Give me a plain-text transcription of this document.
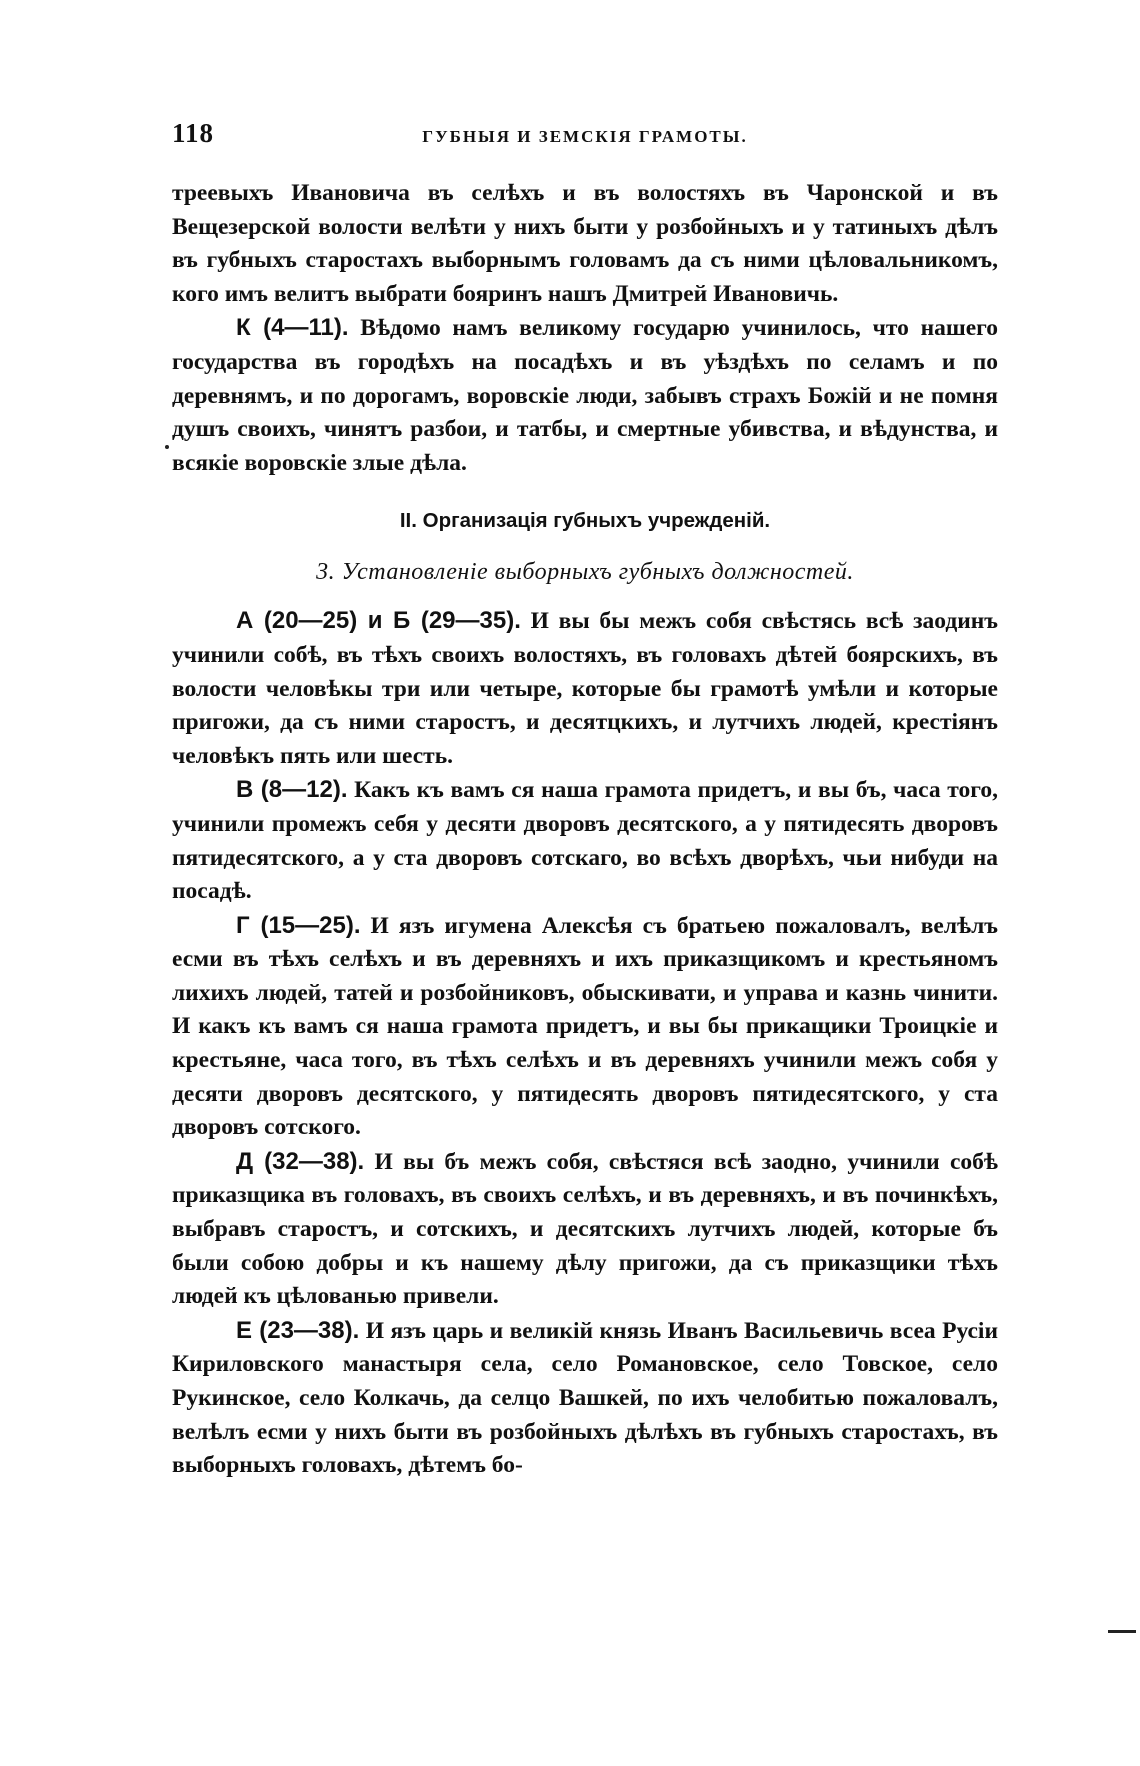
118	ГУБНЫЯ И ЗЕМСКІЯ ГРАМОТЫ.

треевыхъ Ивановича въ селѣхъ и въ волостяхъ въ Чаронской и въ Вещезерской волости велѣти у нихъ быти у розбойныхъ и у татиныхъ дѣлъ въ губныхъ старостахъ выборнымъ головамъ да съ ними цѣловальникомъ, кого имъ велитъ выбрати бояринъ нашъ Дмитрей Ивановичь.

К (4—11). Вѣдомо намъ великому государю учинилось, что нашего государства въ городѣхъ на посадѣхъ и въ уѣздѣхъ по селамъ и по деревнямъ, и по дорогамъ, воровскіе люди, забывъ страхъ Божій и не помня душъ своихъ, чинятъ разбои, и татбы, и смертные убивства, и вѣдунства, и всякіе воровскіе злые дѣла.

II. Организація губныхъ учрежденій.
3. Установленіе выборныхъ губныхъ должностей.

А (20—25) и Б (29—35). И вы бы межъ собя свѣстясь всѣ заодинъ учинили собѣ, въ тѣхъ своихъ волостяхъ, въ головахъ дѣтей боярскихъ, въ волости человѣкы три или четыре, которые бы грамотѣ умѣли и которые пригожи, да съ ними старостъ, и десятцкихъ, и лутчихъ людей, крестіянъ человѣкъ пять или шесть.

В (8—12). Какъ къ вамъ ся наша грамота придетъ, и вы бъ, часа того, учинили промежъ себя у десяти дворовъ десятского, а у пятидесять дворовъ пятидесятского, а у ста дворовъ сотскаго, во всѣхъ дворѣхъ, чьи нибуди на посадѣ.

Г (15—25). И язъ игумена Алексѣя съ братьею пожаловалъ, велѣлъ есми въ тѣхъ селѣхъ и въ деревняхъ и ихъ приказщикомъ и крестьяномъ лихихъ людей, татей и розбойниковъ, обыскивати, и управа и казнь чинити. И какъ къ вамъ ся наша грамота придетъ, и вы бы прикащики Троицкіе и крестьяне, часа того, въ тѣхъ селѣхъ и въ деревняхъ учинили межъ собя у десяти дворовъ десятского, у пятидесять дворовъ пятидесятского, у ста дворовъ сотского.

Д (32—38). И вы бъ межъ собя, свѣстяся всѣ заодно, учинили собѣ приказщика въ головахъ, въ своихъ селѣхъ, и въ деревняхъ, и въ починкѣхъ, выбравъ старостъ, и сотскихъ, и десятскихъ лутчихъ людей, которые бъ были собою добры и къ нашему дѣлу пригожи, да съ приказщики тѣхъ людей къ цѣлованью привели.

Е (23—38). И язъ царь и великій князь Иванъ Васильевичь всеа Русіи Кириловского манастыря села, село Романовское, село Товское, село Рукинское, село Колкачь, да селцо Вашкей, по ихъ челобитью пожаловалъ, велѣлъ есми у нихъ быти въ розбойныхъ дѣлѣхъ въ губныхъ старостахъ, въ выборныхъ головахъ, дѣтемъ бо-
